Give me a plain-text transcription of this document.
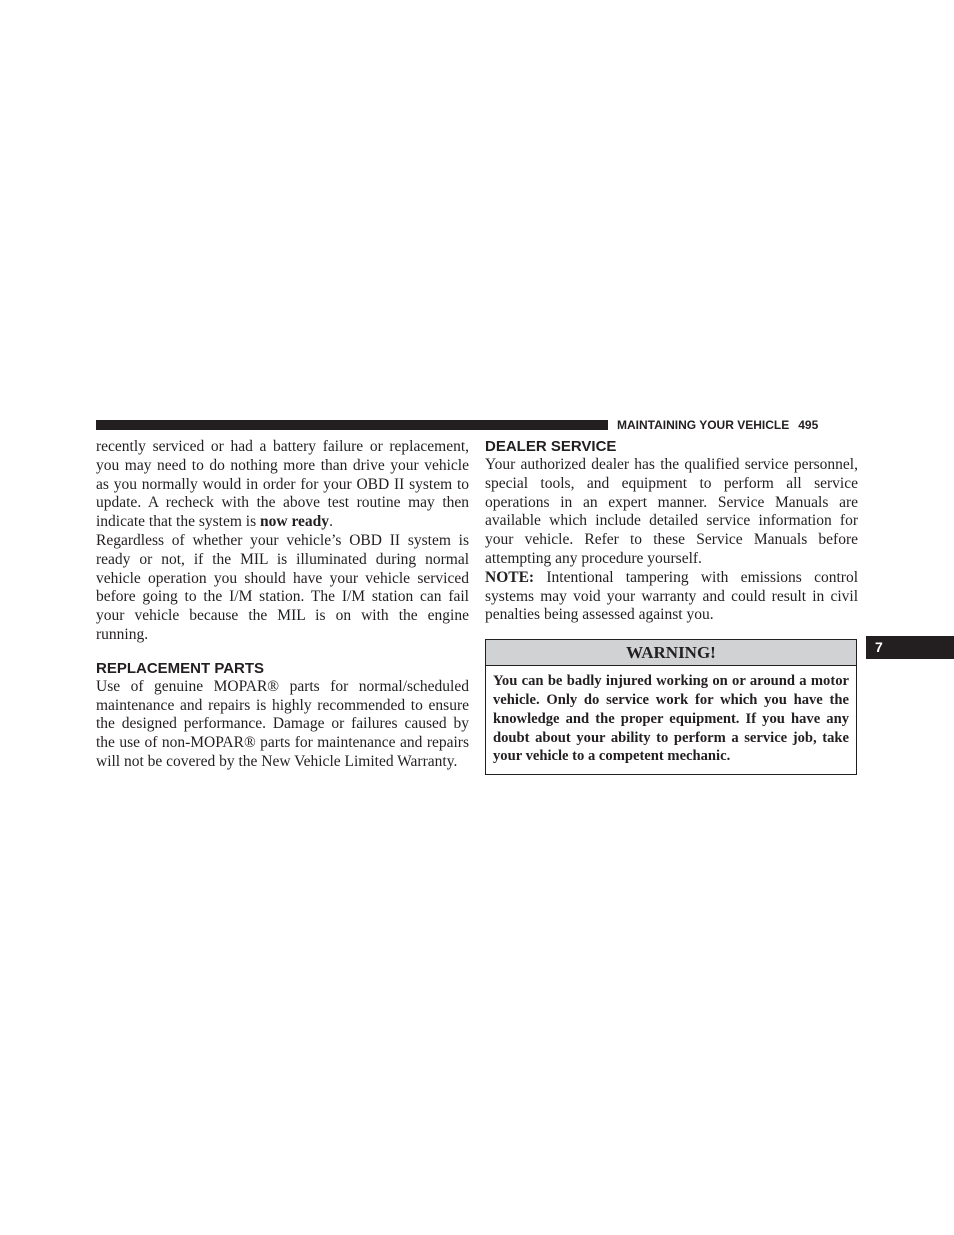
MAINTAINING YOUR VEHICLE 495

recently serviced or had a battery failure or replacement, you may need to do nothing more than drive your vehicle as you normally would in order for your OBD II system to update. A recheck with the above test routine may then indicate that the system is now ready.

Regardless of whether your vehicle’s OBD II system is ready or not, if the MIL is illuminated during normal vehicle operation you should have your vehicle serviced before going to the I/M station. The I/M station can fail your vehicle because the MIL is on with the engine running.

REPLACEMENT PARTS

Use of genuine MOPAR® parts for normal/scheduled maintenance and repairs is highly recommended to ensure the designed performance. Damage or failures caused by the use of non-MOPAR® parts for maintenance and repairs will not be covered by the New Vehicle Limited Warranty.

DEALER SERVICE

Your authorized dealer has the qualified service personnel, special tools, and equipment to perform all service operations in an expert manner. Service Manuals are available which include detailed service information for your vehicle. Refer to these Service Manuals before attempting any procedure yourself.

NOTE: Intentional tampering with emissions control systems may void your warranty and could result in civil penalties being assessed against you.

WARNING!
You can be badly injured working on or around a motor vehicle. Only do service work for which you have the knowledge and the proper equipment. If you have any doubt about your ability to perform a service job, take your vehicle to a competent mechanic.
7
